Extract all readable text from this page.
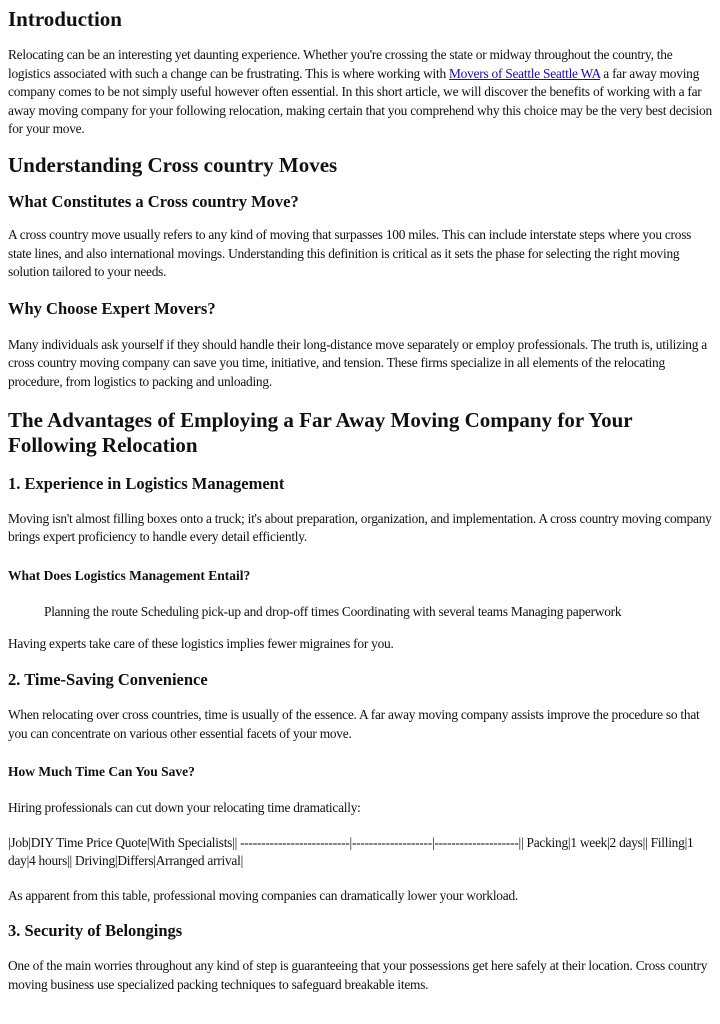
Introduction

Relocating can be an interesting yet daunting experience. Whether you're crossing the state or midway throughout the country, the logistics associated with such a change can be frustrating. This is where working with Movers of Seattle Seattle WA a far away moving company comes to be not simply useful however often essential. In this short article, we will discover the benefits of working with a far away moving company for your following relocation, making certain that you comprehend why this choice may be the very best decision for your move.

Understanding Cross country Moves
What Constitutes a Cross country Move?

A cross country move usually refers to any kind of moving that surpasses 100 miles. This can include interstate steps where you cross state lines, and also international movings. Understanding this definition is critical as it sets the phase for selecting the right moving solution tailored to your needs.

Why Choose Expert Movers?

Many individuals ask yourself if they should handle their long-distance move separately or employ professionals. The truth is, utilizing a cross country moving company can save you time, initiative, and tension. These firms specialize in all elements of the relocating procedure, from logistics to packing and unloading.

The Advantages of Employing a Far Away Moving Company for Your Following Relocation
1. Experience in Logistics Management

Moving isn't almost filling boxes onto a truck; it's about preparation, organization, and implementation. A cross country moving company brings expert proficiency to handle every detail efficiently.

What Does Logistics Management Entail?

Planning the route Scheduling pick-up and drop-off times Coordinating with several teams Managing paperwork

Having experts take care of these logistics implies fewer migraines for you.

2. Time-Saving Convenience

When relocating over cross countries, time is usually of the essence. A far away moving company assists improve the procedure so that you can concentrate on various other essential facets of your move.

How Much Time Can You Save?

Hiring professionals can cut down your relocating time dramatically:

|Job|DIY Time Price Quote|With Specialists|| --------------------------|-------------------|--------------------|| Packing|1 week|2 days|| Filling|1 day|4 hours|| Driving|Differs|Arranged arrival|

As apparent from this table, professional moving companies can dramatically lower your workload.

3. Security of Belongings

One of the main worries throughout any kind of step is guaranteeing that your possessions get here safely at their location. Cross country moving business use specialized packing techniques to safeguard breakable items.
